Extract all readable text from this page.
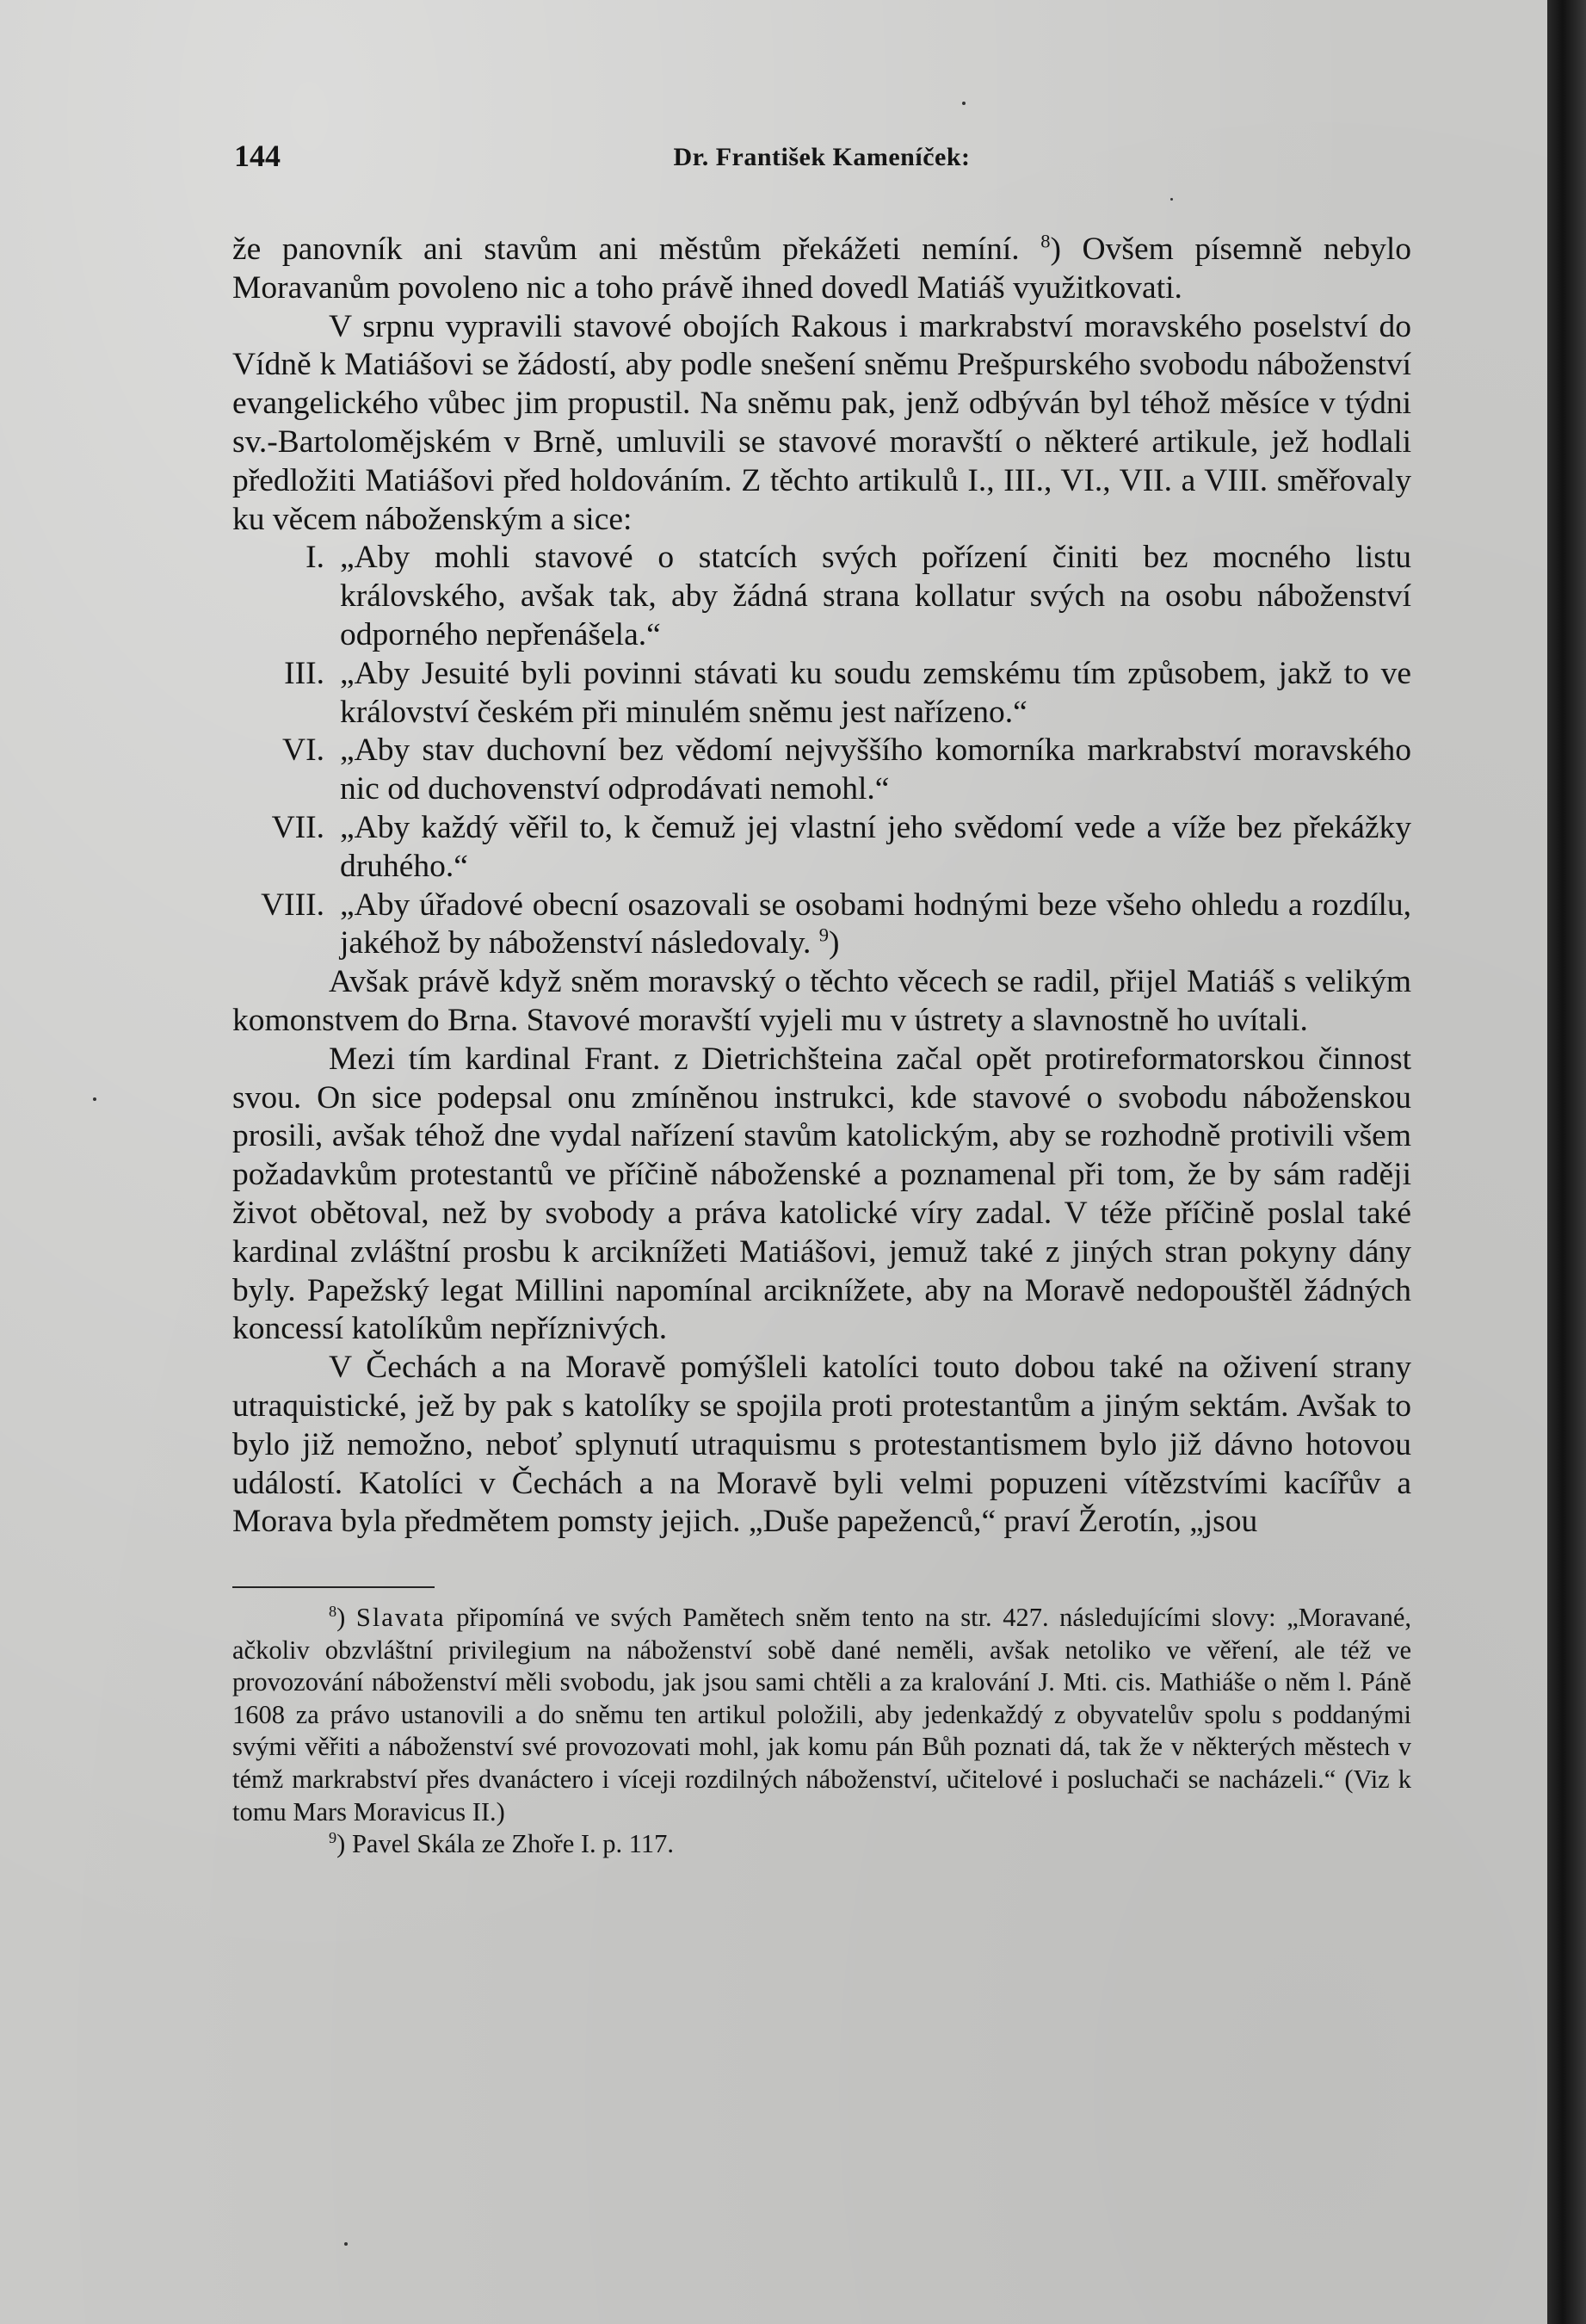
144	Dr. František Kameníček:

že panovník ani stavům ani městům překážeti nemíní. $^8$) Ovšem písemně nebylo Moravanům povoleno nic a toho právě ihned dovedl Matiáš využitkovati.

V srpnu vypravili stavové obojích Rakous i markrabství moravského poselství do Vídně k Matiášovi se žádostí, aby podle snešení sněmu Prešpurského svobodu náboženství evangelického vůbec jim propustil. Na sněmu pak, jenž odbýván byl téhož měsíce v týdni sv.-Bartolomějském v Brně, umluvili se stavové moravští o některé artikule, jež hodlali předložiti Matiášovi před holdováním. Z těchto artikulů I., III., VI., VII. a VIII. směřovaly ku věcem náboženským a sice:

I. „Aby mohli stavové o statcích svých pořízení činiti bez mocného listu královského, avšak tak, aby žádná strana kollatur svých na osobu náboženství odporného nepřenášela.“
III. „Aby Jesuité byli povinni stávati ku soudu zemskému tím způsobem, jakž to ve království českém při minulém sněmu jest nařízeno.“
VI. „Aby stav duchovní bez vědomí nejvyššího komorníka markrabství moravského nic od duchovenství odprodávati nemohl.“
VII. „Aby každý věřil to, k čemuž jej vlastní jeho svědomí vede a víže bez překážky druhého.“
VIII. „Aby úřadové obecní osazovali se osobami hodnými beze všeho ohledu a rozdílu, jakéhož by náboženství následovaly. $^9$)

Avšak právě když sněm moravský o těchto věcech se radil, přijel Matiáš s velikým komonstvem do Brna. Stavové moravští vyjeli mu v ústrety a slavnostně ho uvítali.

Mezi tím kardinal Frant. z Dietrichšteina začal opět protireformatorskou činnost svou. On sice podepsal onu zmíněnou instrukci, kde stavové o svobodu náboženskou prosili, avšak téhož dne vydal nařízení stavům katolickým, aby se rozhodně protivili všem požadavkům protestantů ve příčině náboženské a poznamenal při tom, že by sám raději život obětoval, než by svobody a práva katolické víry zadal. V téže příčině poslal také kardinal zvláštní prosbu k arciknížeti Matiášovi, jemuž také z jiných stran pokyny dány byly. Papežský legat Millini napomínal arciknížete, aby na Moravě nedopouštěl žádných koncessí katolíkům nepříznivých.

V Čechách a na Moravě pomýšleli katolíci touto dobou také na oživení strany utraquistické, jež by pak s katolíky se spojila proti protestantům a jiným sektám. Avšak to bylo již nemožno, neboť splynutí utraquismu s protestantismem bylo již dávno hotovou událostí. Katolíci v Čechách a na Moravě byli velmi popuzeni vítězstvími kacířův a Morava byla předmětem pomsty jejich. „Duše papeženců,“ praví Žerotín, „jsou

$^8$) Slavata připomíná ve svých Pamětech sněm tento na str. 427. následujícími slovy: „Moravané, ačkoliv obzvláštní privilegium na náboženství sobě dané neměli, avšak netoliko ve věření, ale též ve provozování náboženství měli svobodu, jak jsou sami chtěli a za kralování J. Mti. cis. Mathiáše o něm l. Páně 1608 za právo ustanovili a do sněmu ten artikul položili, aby jedenkaždý z obyvatelův spolu s poddanými svými věřiti a náboženství své provozovati mohl, jak komu pán Bůh poznati dá, tak že v některých městech v témž markrabství přes dvanáctero i víceji rozdilných náboženství, učitelové i posluchači se nacházeli.“ (Viz k tomu Mars Moravicus II.)

$^9$) Pavel Skála ze Zhoře I. p. 117.
